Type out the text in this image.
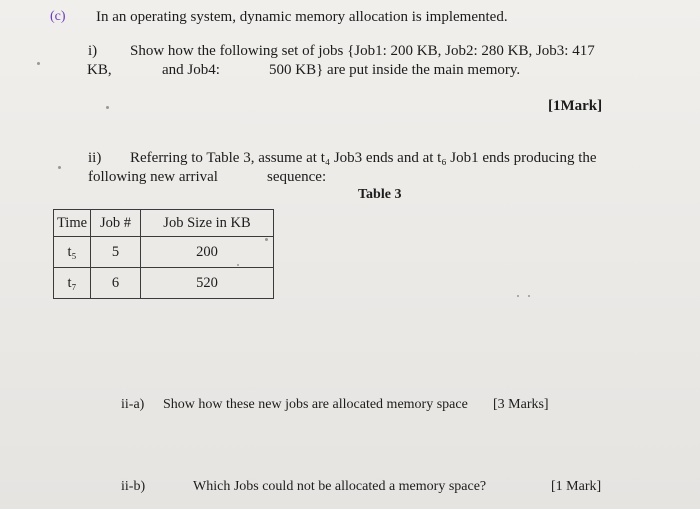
(c) In an operating system, dynamic memory allocation is implemented.
i) Show how the following set of jobs {Job1: 200 KB, Job2: 280 KB, Job3: 417
KB,	and Job4:	500 KB} are put inside the main memory.
[1Mark]
ii) Referring to Table 3, assume at t₄ Job3 ends and at t₆ Job1 ends producing the
following new arrival	sequence:
Table 3
Time	Job #	Job Size in KB
t₅	5	200
t₇	6	520
ii-a) Show how these new jobs are allocated memory space [3 Marks]
ii-b)	Which Jobs could not be allocated a memory space?	[1 Mark]
